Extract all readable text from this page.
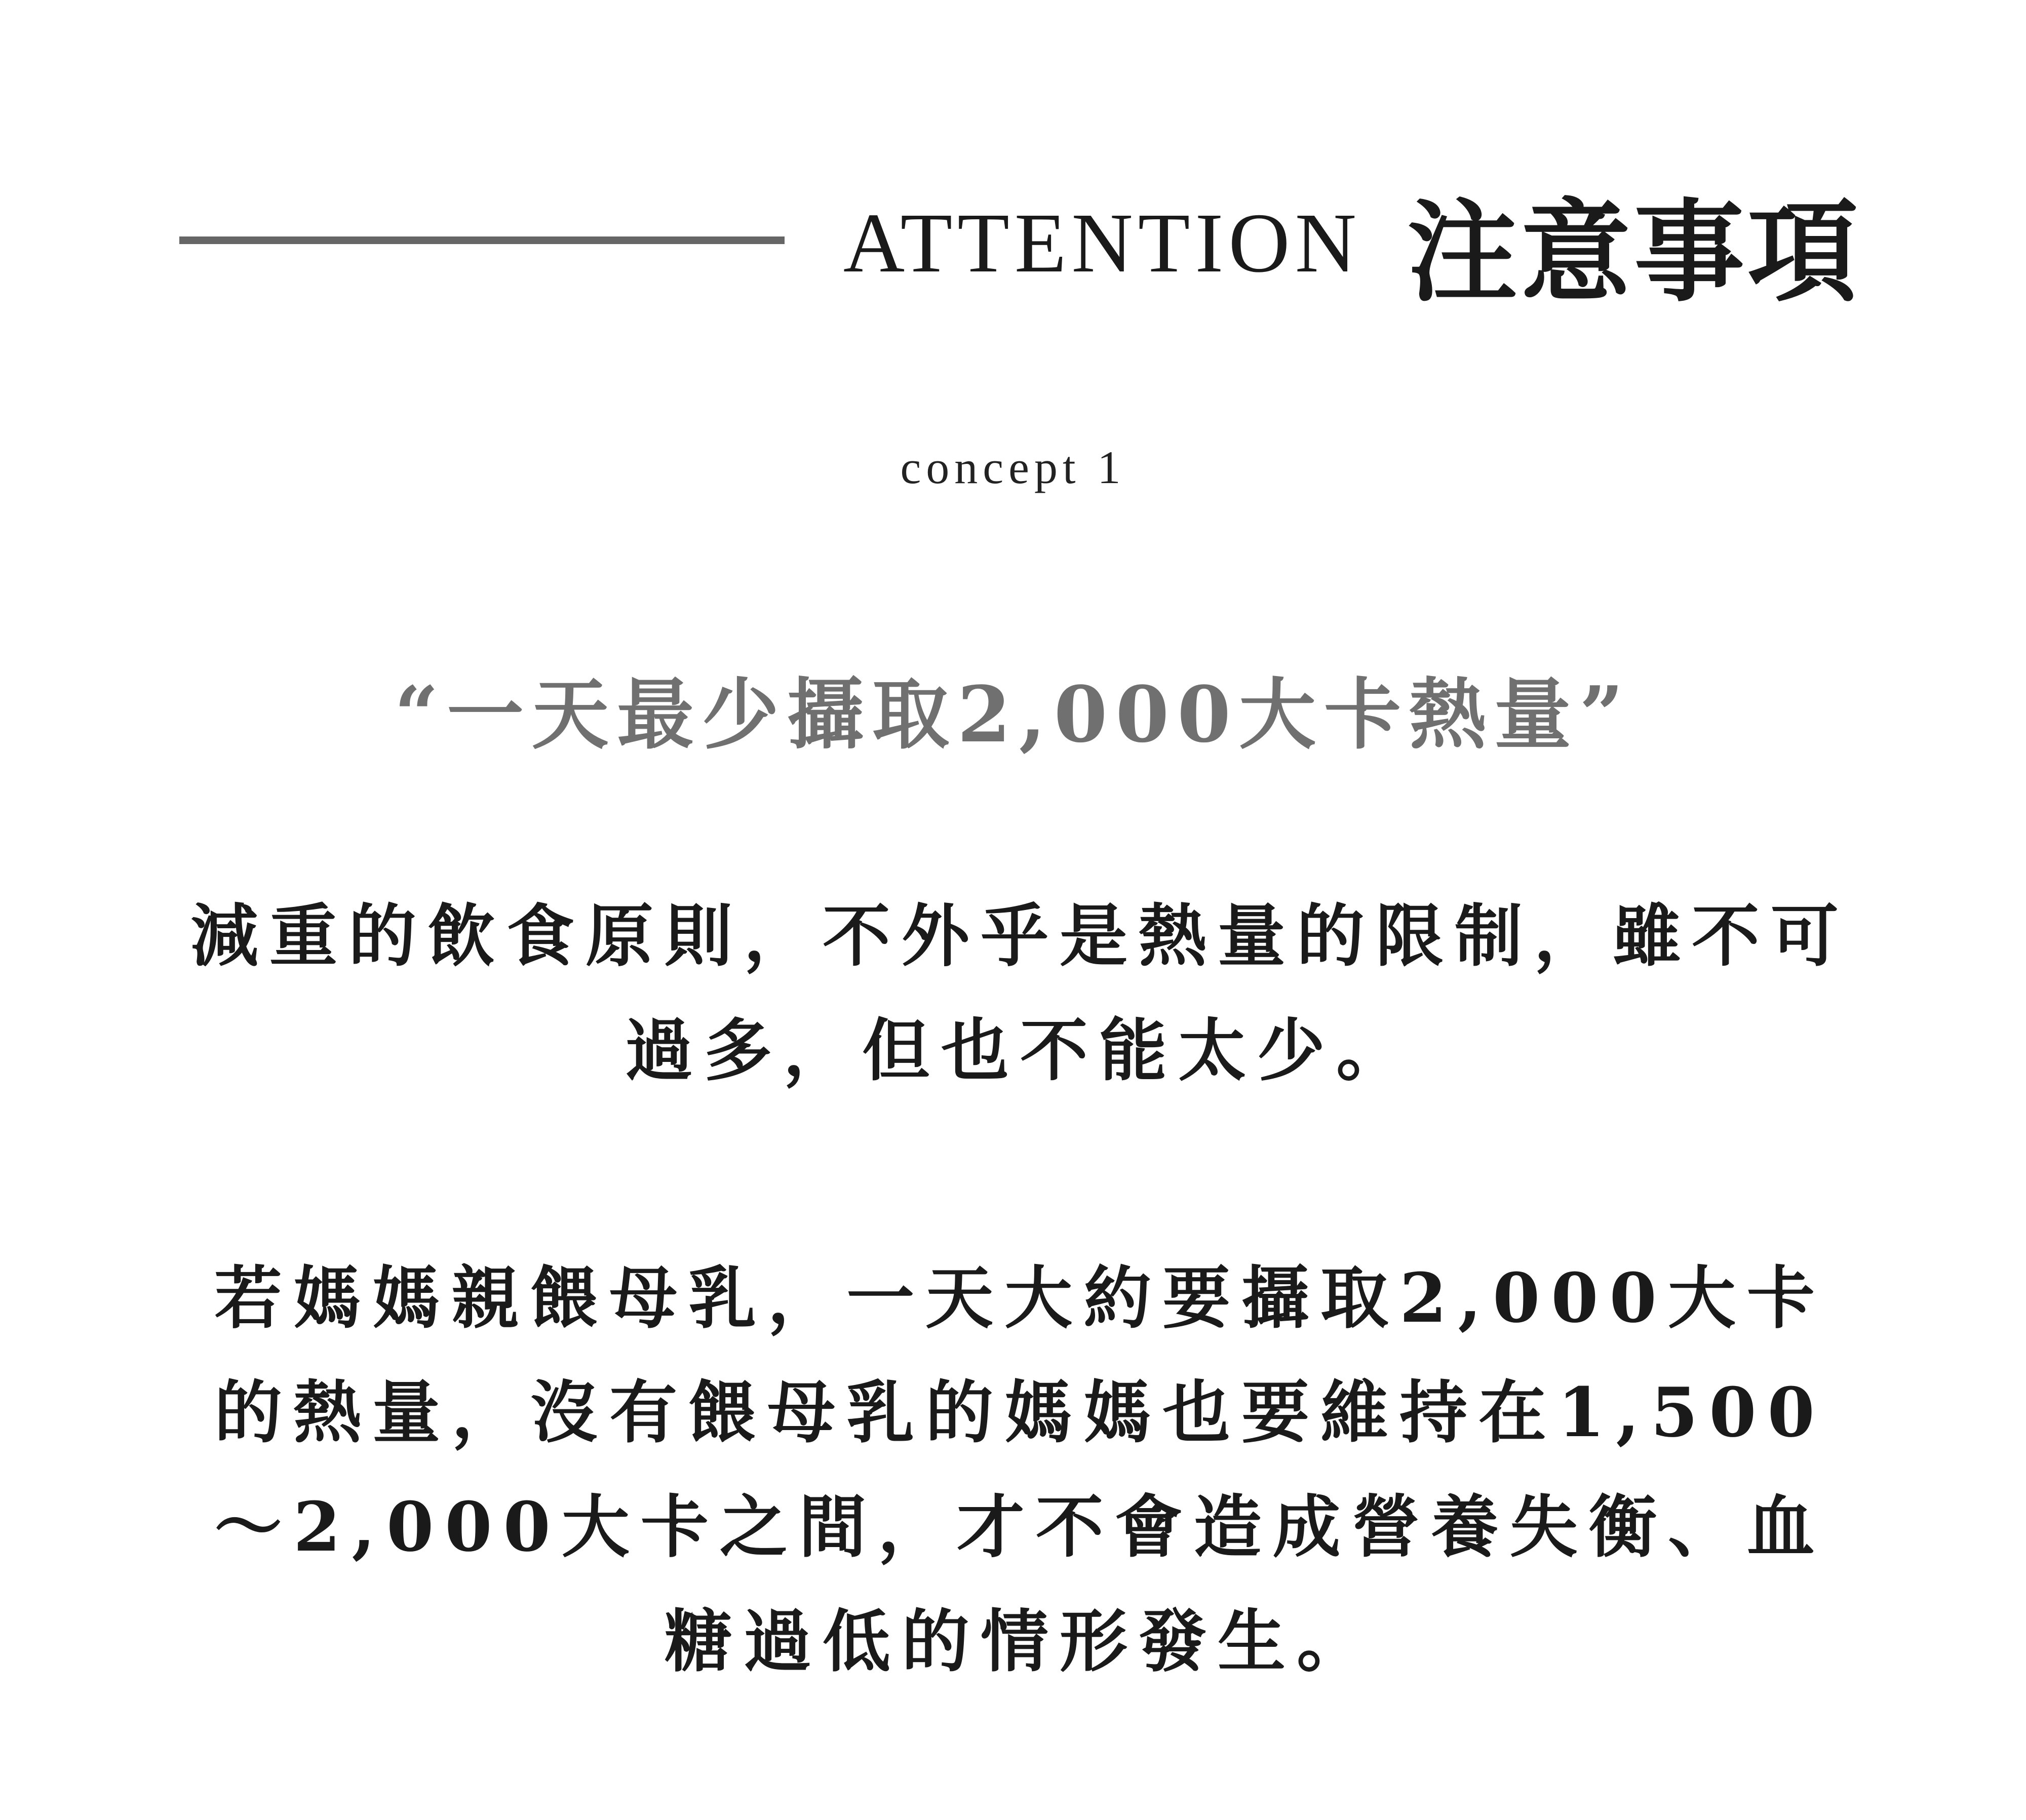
ATTENTION 注意事項
concept 1
“一天最少攝取2,000大卡熱量”
減重的飲食原則，不外乎是熱量的限制，雖不可過多，但也不能太少。
若媽媽親餵母乳，一天大約要攝取2,000大卡的熱量，沒有餵母乳的媽媽也要維持在1,500～2,000大卡之間，才不會造成營養失衡、血糖過低的情形發生。
